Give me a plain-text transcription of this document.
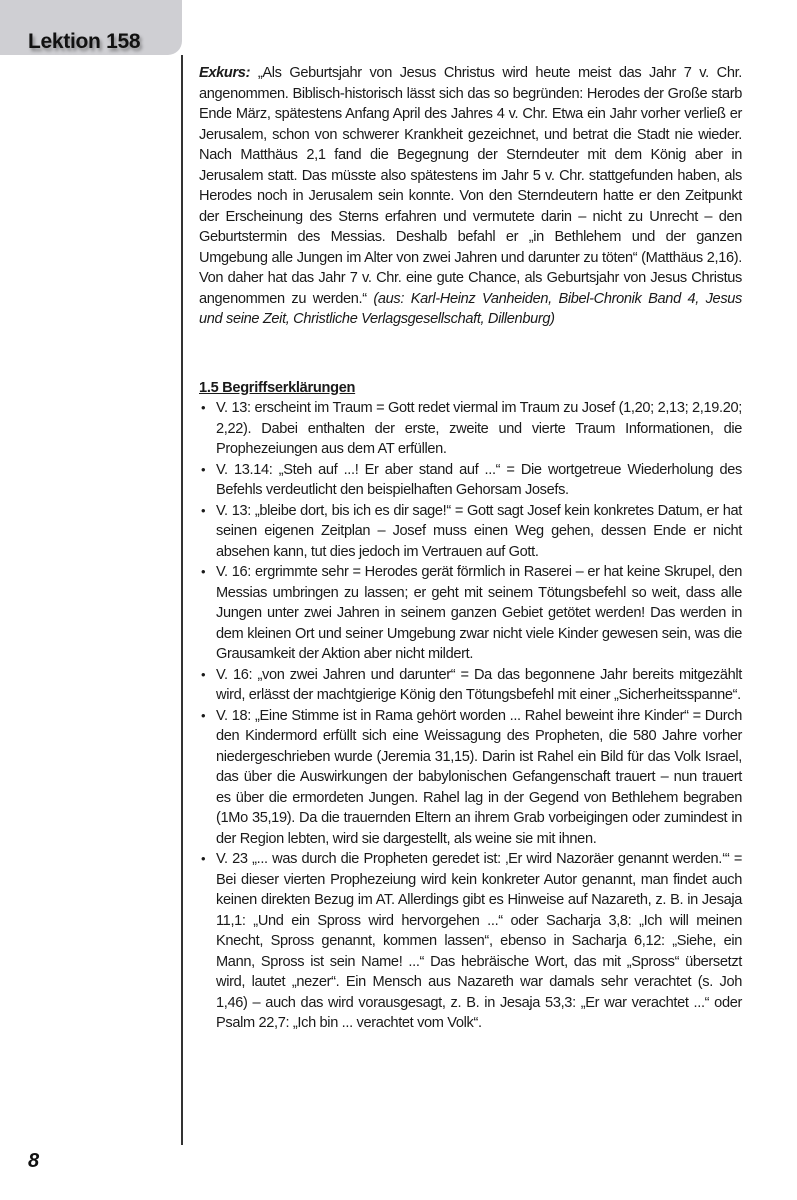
Lektion 158

Exkurs: „Als Geburtsjahr von Jesus Christus wird heute meist das Jahr 7 v. Chr. angenommen. Biblisch-historisch lässt sich das so begründen: Herodes der Große starb Ende März, spätestens Anfang April des Jahres 4 v. Chr. Etwa ein Jahr vorher verließ er Jerusalem, schon von schwerer Krankheit gezeichnet, und betrat die Stadt nie wieder. Nach Matthäus 2,1 fand die Begegnung der Sterndeuter mit dem König aber in Jerusalem statt. Das müsste also spätestens im Jahr 5 v. Chr. stattgefunden haben, als Herodes noch in Jerusalem sein konnte. Von den Sterndeutern hatte er den Zeitpunkt der Erscheinung des Sterns erfahren und vermutete darin – nicht zu Unrecht – den Geburtstermin des Messias. Deshalb befahl er „in Bethlehem und der ganzen Umgebung alle Jungen im Alter von zwei Jahren und darunter zu töten“ (Matthäus 2,16). Von daher hat das Jahr 7 v. Chr. eine gute Chance, als Geburtsjahr von Jesus Christus angenommen zu werden.“ (aus: Karl-Heinz Vanheiden, Bibel-Chronik Band 4, Jesus und seine Zeit, Christliche Verlagsgesellschaft, Dillenburg)

1.5 Begriffserklärungen
• V. 13: erscheint im Traum = Gott redet viermal im Traum zu Josef (1,20; 2,13; 2,19.20; 2,22). Dabei enthalten der erste, zweite und vierte Traum Informationen, die Prophezeiungen aus dem AT erfüllen.
• V. 13.14: „Steh auf ...! Er aber stand auf ...“ = Die wortgetreue Wiederholung des Befehls verdeutlicht den beispielhaften Gehorsam Josefs.
• V. 13: „bleibe dort, bis ich es dir sage!“ = Gott sagt Josef kein konkretes Datum, er hat seinen eigenen Zeitplan – Josef muss einen Weg gehen, dessen Ende er nicht absehen kann, tut dies jedoch im Vertrauen auf Gott.
• V. 16: ergrimmte sehr = Herodes gerät förmlich in Raserei – er hat keine Skrupel, den Messias umbringen zu lassen; er geht mit seinem Tötungsbefehl so weit, dass alle Jungen unter zwei Jahren in seinem ganzen Gebiet getötet werden! Das werden in dem kleinen Ort und seiner Umgebung zwar nicht viele Kinder gewesen sein, was die Grausamkeit der Aktion aber nicht mildert.
• V. 16: „von zwei Jahren und darunter“ = Da das begonnene Jahr bereits mitgezählt wird, erlässt der machtgierige König den Tötungsbefehl mit einer „Sicherheitsspanne“.
• V. 18: „Eine Stimme ist in Rama gehört worden ... Rahel beweint ihre Kinder“ = Durch den Kindermord erfüllt sich eine Weissagung des Propheten, die 580 Jahre vorher niedergeschrieben wurde (Jeremia 31,15). Darin ist Rahel ein Bild für das Volk Israel, das über die Auswirkungen der babylonischen Gefangenschaft trauert – nun trauert es über die ermordeten Jungen. Rahel lag in der Gegend von Bethlehem begraben (1Mo 35,19). Da die trauernden Eltern an ihrem Grab vorbeigingen oder zumindest in der Region lebten, wird sie dargestellt, als weine sie mit ihnen.
• V. 23 „... was durch die Propheten geredet ist: ‚Er wird Nazoräer genannt werden.‘“ = Bei dieser vierten Prophezeiung wird kein konkreter Autor genannt, man findet auch keinen direkten Bezug im AT. Allerdings gibt es Hinweise auf Nazareth, z. B. in Jesaja 11,1: „Und ein Spross wird hervorgehen ...“ oder Sacharja 3,8: „Ich will meinen Knecht, Spross genannt, kommen lassen“, ebenso in Sacharja 6,12: „Siehe, ein Mann, Spross ist sein Name! ...“ Das hebräische Wort, das mit „Spross“ übersetzt wird, lautet „nezer“. Ein Mensch aus Nazareth war damals sehr verachtet (s. Joh 1,46) – auch das wird vorausgesagt, z. B. in Jesaja 53,3: „Er war verachtet ...“ oder Psalm 22,7: „Ich bin ... verachtet vom Volk“.
8
